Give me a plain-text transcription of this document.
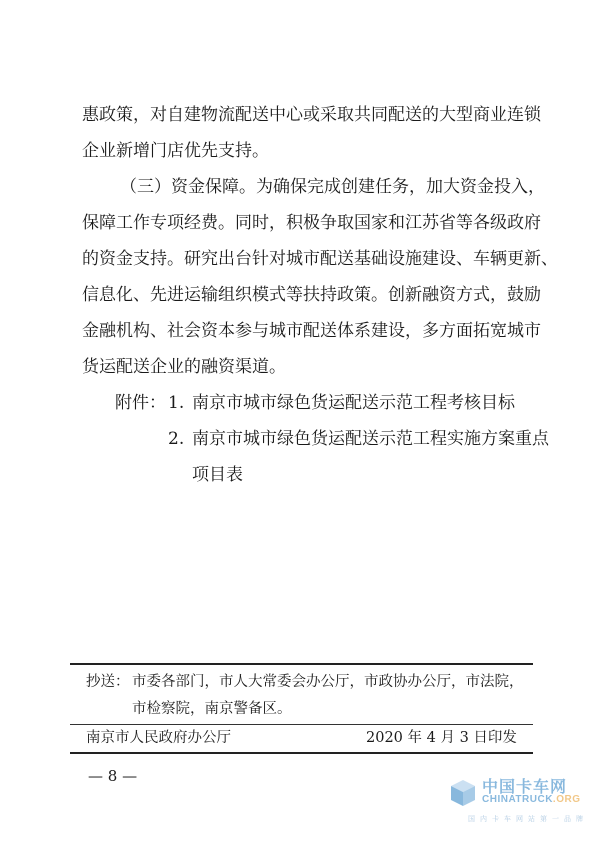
惠政策，对自建物流配送中心或采取共同配送的大型商业连锁
企业新增门店优先支持。
（三）资金保障。为确保完成创建任务，加大资金投入，
保障工作专项经费。同时，积极争取国家和江苏省等各级政府
的资金支持。研究出台针对城市配送基础设施建设、车辆更新、
信息化、先进运输组织模式等扶持政策。创新融资方式，鼓励
金融机构、社会资本参与城市配送体系建设，多方面拓宽城市
货运配送企业的融资渠道。
附件： 1. 南京市城市绿色货运配送示范工程考核目标
2. 南京市城市绿色货运配送示范工程实施方案重点
项目表
抄送： 市委各部门，市人大常委会办公厅，市政协办公厅，市法院，
市检察院，南京警备区。
南京市人民政府办公厅	2020 年 4 月 3 日印发
— 8 —
中国卡车网
CHINATRUCK.ORG
国内卡车网站第一品牌
